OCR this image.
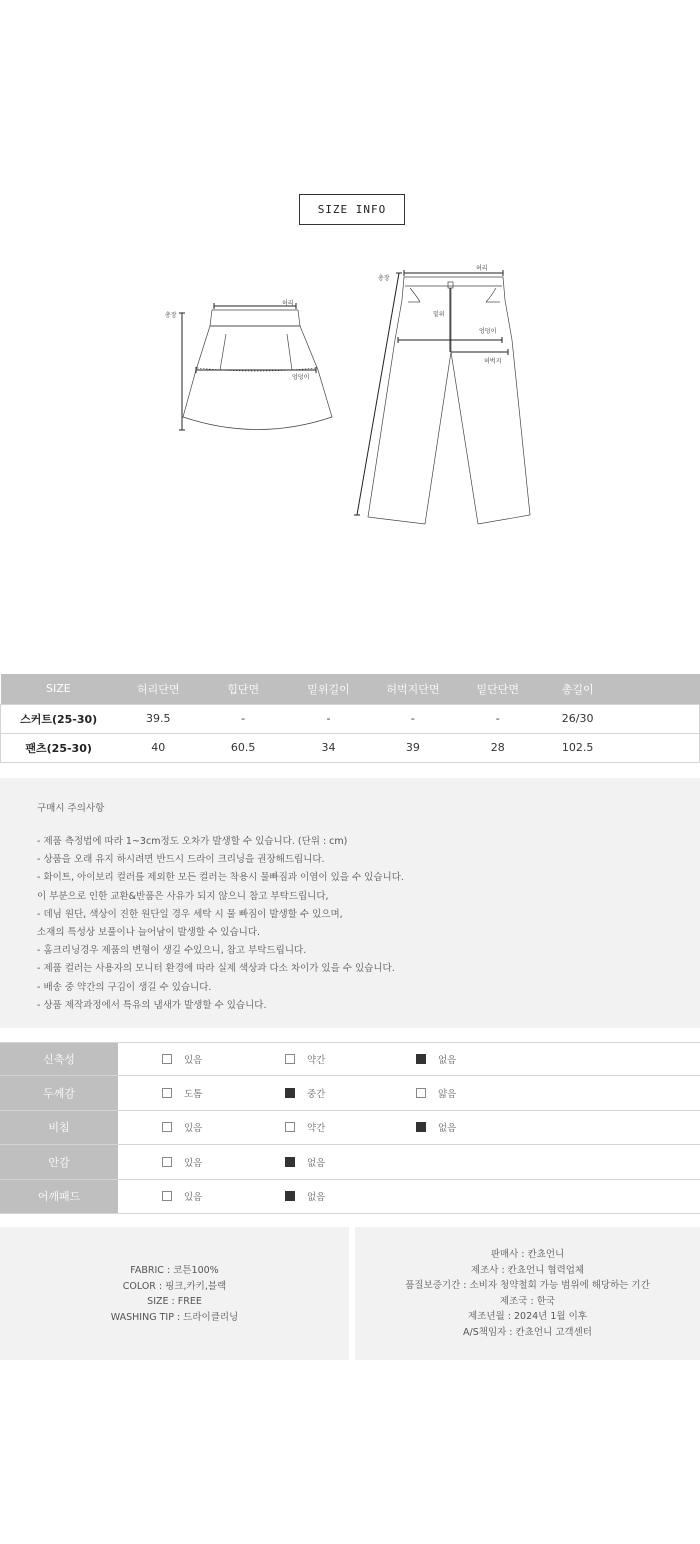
SIZE INFO
총장
허리
엉덩이
총장
허리
밑위
엉덩이
허벅지
SIZE	허리단면	힙단면	밑위길이	허벅지단면	밑단단면	총길이	
스커트(25-30)	39.5	-	-	-	-	26/30	
팬츠(25-30)	40	60.5	34	39	28	102.5	
구매시 주의사항
- 제품 측정법에 따라 1~3cm정도 오차가 발생할 수 있습니다. (단위 : cm)
- 상품을 오래 유지 하시려면 반드시 드라이 크리닝을 권장해드립니다.
- 화이트, 아이보리 컬러를 제외한 모든 컬러는 착용시 물빠짐과 이염이 있을 수 있습니다.
이 부분으로 인한 교환&반품은 사유가 되지 않으니 참고 부탁드립니다,
- 데님 원단, 색상이 진한 원단일 경우 세탁 시 물 빠짐이 발생할 수 있으며,
소재의 특성상 보풀이나 늘어남이 발생할 수 있습니다.
- 홈크리닝경우 제품의 변형이 생길 수있으니, 참고 부탁드립니다.
- 제품 컬러는 사용자의 모니터 환경에 따라 실제 색상과 다소 차이가 있을 수 있습니다.
- 배송 중 약간의 구김이 생길 수 있습니다.
- 상품 제작과정에서 특유의 냄새가 발생할 수 있습니다.
신축성	있음	약간	없음
두께감	도톰	중간	얇음
비침	있음	약간	없음
안감	있음	없음
어깨패드	있음	없음
FABRIC : 코튼100%
COLOR : 핑크,카키,블랙
SIZE : FREE
WASHING TIP : 드라이클리닝
판매사 : 칸쵸언니
제조사 : 칸쵸언니 협력업체
품질보증기간 : 소비자 청약철회 가능 범위에 해당하는 기간
제조국 : 한국
제조년월 : 2024년 1월 이후
A/S책임자 : 칸쵸언니 고객센터
